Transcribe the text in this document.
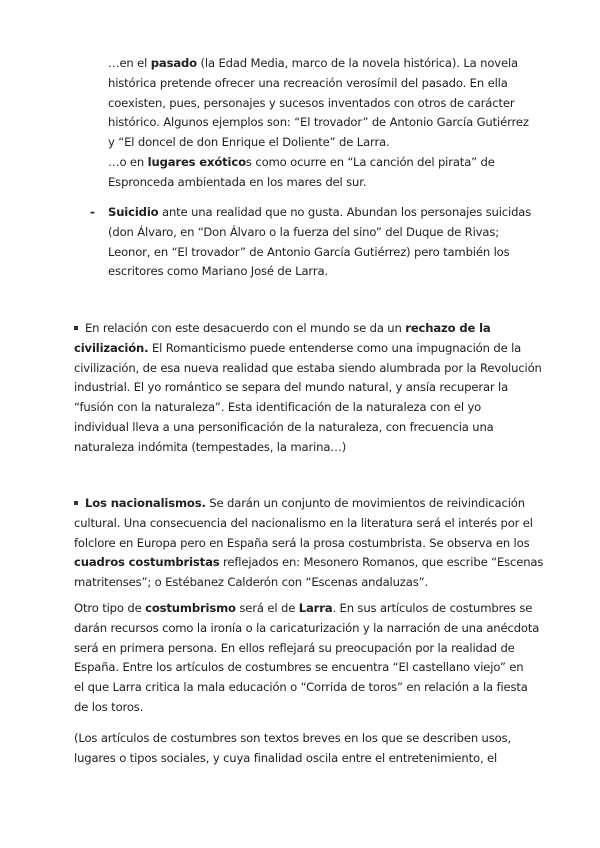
…en el pasado (la Edad Media, marco de la novela histórica). La novela
histórica pretende ofrecer una recreación verosímil del pasado. En ella
coexisten, pues, personajes y sucesos inventados con otros de carácter
histórico. Algunos ejemplos son: “El trovador” de Antonio García Gutiérrez
y “El doncel de don Enrique el Doliente” de Larra.
…o en lugares exóticos como ocurre en “La canción del pirata” de
Espronceda ambientada en los mares del sur.
- Suicidio ante una realidad que no gusta. Abundan los personajes suicidas
(don Álvaro, en “Don Álvaro o la fuerza del sino” del Duque de Rivas;
Leonor, en “El trovador” de Antonio García Gutiérrez) pero también los
escritores como Mariano José de Larra.
En relación con este desacuerdo con el mundo se da un rechazo de la
civilización. El Romanticismo puede entenderse como una impugnación de la
civilización, de esa nueva realidad que estaba siendo alumbrada por la Revolución
industrial. El yo romántico se separa del mundo natural, y ansía recuperar la
“fusión con la naturaleza”. Esta identificación de la naturaleza con el yo
individual lleva a una personificación de la naturaleza, con frecuencia una
naturaleza indómita (tempestades, la marina…)
Los nacionalismos. Se darán un conjunto de movimientos de reivindicación
cultural. Una consecuencia del nacionalismo en la literatura será el interés por el
folclore en Europa pero en España será la prosa costumbrista. Se observa en los
cuadros costumbristas reflejados en: Mesonero Romanos, que escribe “Escenas
matritenses”; o Estébanez Calderón con “Escenas andaluzas”.
Otro tipo de costumbrismo será el de Larra. En sus artículos de costumbres se
darán recursos como la ironía o la caricaturización y la narración de una anécdota
será en primera persona. En ellos reflejará su preocupación por la realidad de
España. Entre los artículos de costumbres se encuentra “El castellano viejo” en
el que Larra critica la mala educación o “Corrida de toros” en relación a la fiesta
de los toros.
(Los artículos de costumbres son textos breves en los que se describen usos,
lugares o tipos sociales, y cuya finalidad oscila entre el entretenimiento, el
